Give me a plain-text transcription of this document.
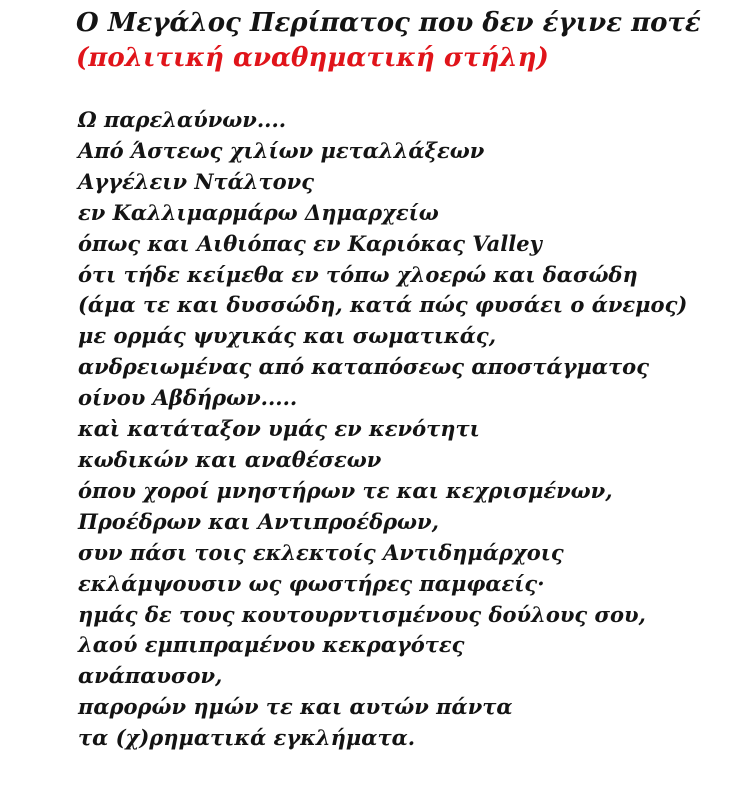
Ο Μεγάλος Περίπατος που δεν έγινε ποτέ
(πολιτική αναθηματική στήλη)
Ω παρελαύνων....
Από Άστεως χιλίων μεταλλάξεων
Αγγέλειν Ντάλτονς
εν Καλλιμαρμάρω Δημαρχείω
όπως και Αιθιόπας εν Καριόκας Valley
ότι τήδε κείμεθα εν τόπω χλοερώ και δασώδη
(άμα τε και δυσσώδη, κατά πώς φυσάει ο άνεμος)
με ορμάς ψυχικάς και σωματικάς,
ανδρειωμένας από καταπόσεως αποστάγματος
οίνου Αβδήρων.....
καὶ κατάταξον υμάς εν κενότητι
κωδικών και αναθέσεων
όπου χοροί μνηστήρων τε και κεχρισμένων,
Προέδρων και Αντιπροέδρων,
συν πάσι τοις εκλεκτοίς Αντιδημάρχοις
εκλάμψουσιν ως φωστήρες παμφαείς·
ημάς δε τους κουτουρντισμένους δούλους σου,
λαού εμπιπραμένου κεκραγότες
ανάπαυσον,
παρορών ημών τε και αυτών πάντα
τα (χ)ρηματικά εγκλήματα.
